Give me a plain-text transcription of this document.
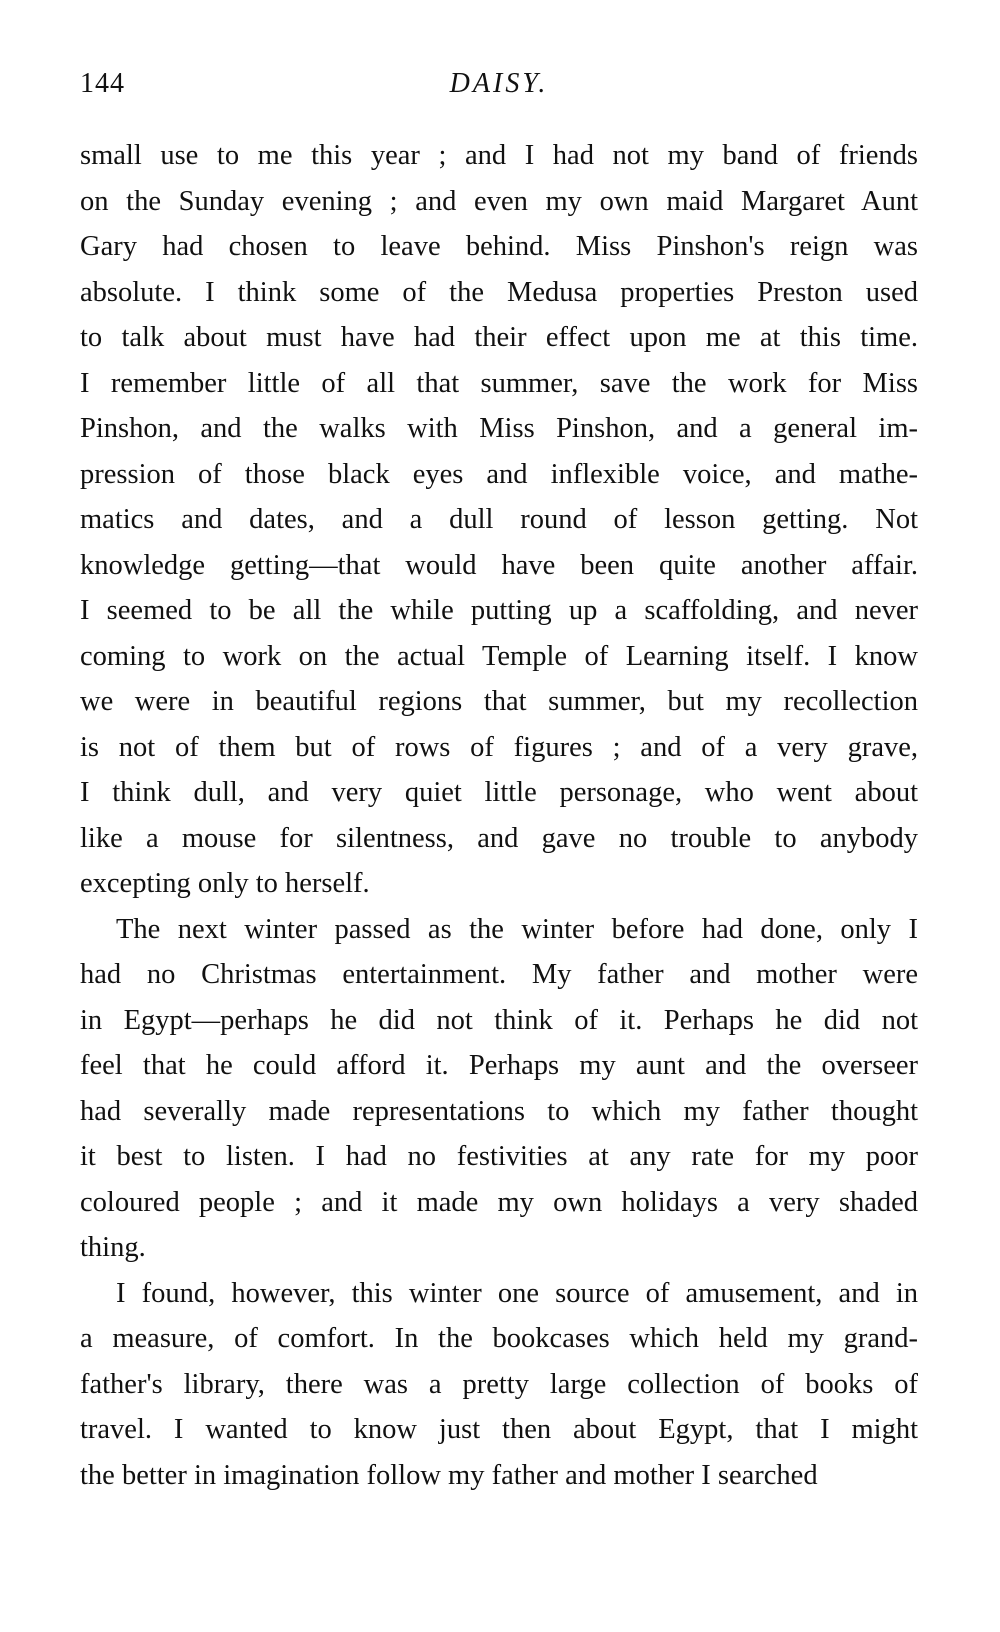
144	DAISY.

small use to me this year ; and I had not my band of friends
on the Sunday evening ; and even my own maid Margaret Aunt
Gary had chosen to leave behind. Miss Pinshon's reign was
absolute. I think some of the Medusa properties Preston used
to talk about must have had their effect upon me at this time.
I remember little of all that summer, save the work for Miss
Pinshon, and the walks with Miss Pinshon, and a general im-
pression of those black eyes and inflexible voice, and mathe-
matics and dates, and a dull round of lesson getting. Not
knowledge getting—that would have been quite another affair.
I seemed to be all the while putting up a scaffolding, and never
coming to work on the actual Temple of Learning itself. I know
we were in beautiful regions that summer, but my recollection
is not of them but of rows of figures ; and of a very grave,
I think dull, and very quiet little personage, who went about
like a mouse for silentness, and gave no trouble to anybody
excepting only to herself.

The next winter passed as the winter before had done, only I
had no Christmas entertainment. My father and mother were
in Egypt—perhaps he did not think of it. Perhaps he did not
feel that he could afford it. Perhaps my aunt and the overseer
had severally made representations to which my father thought
it best to listen. I had no festivities at any rate for my poor
coloured people ; and it made my own holidays a very shaded
thing.

I found, however, this winter one source of amusement, and in
a measure, of comfort. In the bookcases which held my grand-
father's library, there was a pretty large collection of books of
travel. I wanted to know just then about Egypt, that I might
the better in imagination follow my father and mother I searched
